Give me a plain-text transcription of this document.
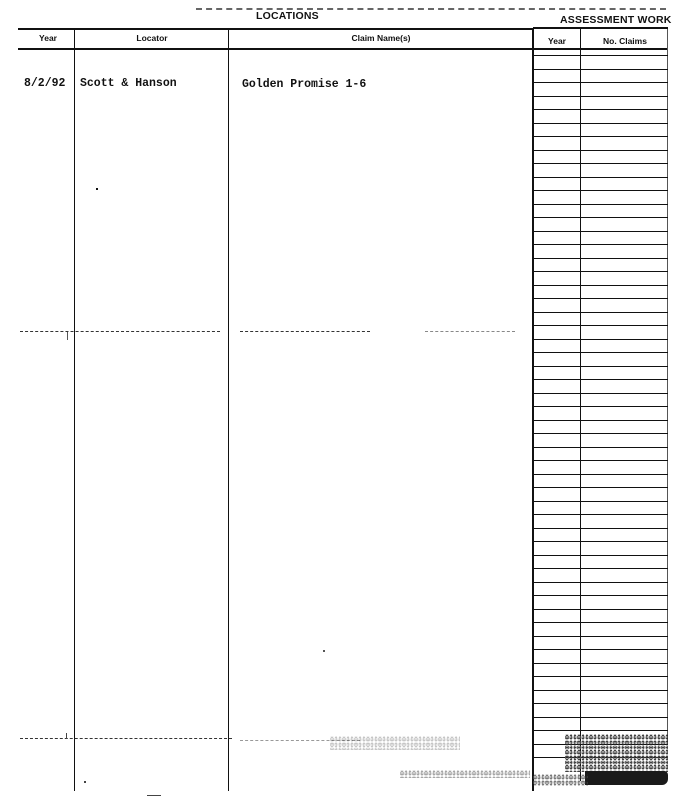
LOCATIONS	ASSESSMENT WORK
Year	Locator	Claim Name(s)	Year	No. Claims
8/2/92 Scott & Hanson	Golden Promise 1-6
